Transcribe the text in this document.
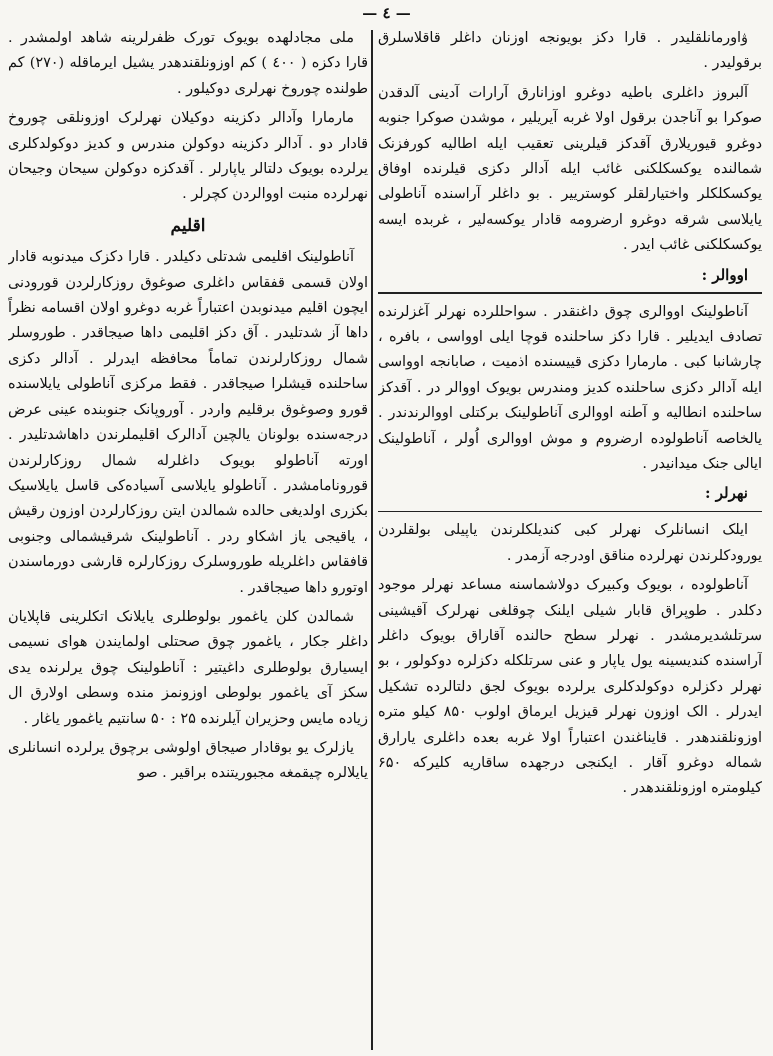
— ٤ —

ۋاورمانلقلیدر . قارا دکز بویونجه اوزنان داغلر قاقلاسلرق برقولیدر .

آلبروز داغلری باطیه دوغرو اوزانارق آرارات آدینی آلدقدن صوکرا بو آناجدن برقول اولا غربه آیریلیر ، موشدن صوکرا جنوبه دوغرو قیوریلارق آقدکز قیلرینی تعقیب ایله اطالیه کورفزنک شمالنده یوکسکلکنی غائب ایله آدالر دکزی قیلرنده اوفاق یوکسکلکلر واختیارلقلر کوسترییر . بو داغلر آراسنده آناطولی یایلاسی شرقه دوغرو ارضرومه قادار یوکسه‌لیر ، غربده ایسه یوکسکلکنی غائب ایدر .

اووالر :

آناطولینک اووالری چوق داغنقدر . سواحللرده نهرلر آغزلرنده تصادف ایدیلیر . قارا دکز ساحلنده قوچا ایلی اوواسی ، بافره ، چارشانبا کبی . مارمارا دکزی قییسنده اذمیت ، صابانجه اوواسی ایله آدالر دکزی ساحلنده کدیز ومندرس بویوک اووالر در . آقدکز ساحلنده انطالیه و آطنه اووالری آناطولینک برکتلی اووالرندندر . یالخاصه آناطولوده ارضروم و موش اووالری اُولر ، آناطولینک ایالی جنک میدانیدر .

نهرلر :

ایلک انسانلرک نهرلر کبی کندیلکلرندن یاپیلی بولقلردن یورودکلرندن نهرلرده مناقق اودرجه آزمدر .

آناطولوده ، بویوک وکبیرک دولاشماسنه مساعد نهرلر موجود دکلدر . طوپراق قابار شیلی ایلنک چوقلغی نهرلرک آقیشینی سرتلشدیرمشدر . نهرلر سطح حالنده آقاراق بویوک داغلر آراسنده کندیسینه یول یاپار و عنی سرتلکله دکزلره دوکولور ، بو نهرلر دکزلره دوکولدکلری یرلرده بویوک لجق دلتالرده تشکیل ایدرلر . الک اوزون نهرلر قیزیل ایرماق اولوب ۸۵۰ کیلو متره اوزونلقندهدر . قایناغندن اعتباراً اولا غربه بعده داغلری یارارق شماله دوغرو آقار . ایکنجی درجهده ساقاریه کلیرکه ۶۵۰ کیلومتره اوزونلقندهدر .

ملی مجادلهده بویوک تورک ظفرلرینه شاهد اولمشدر . قارا دکزه ( ٤۰۰ ) کم اوزونلقندهدر یشیل ایرماقله (۲۷۰) کم طولنده چوروخ نهرلری دوکیلور .

مارمارا وآدالر دکزینه دوکیلان نهرلرک اوزونلقی چوروخ قادار دو . آدالر دکزینه دوکولن مندرس و کدیز دوکولدکلری یرلرده بویوک دلتالر یاپارلر . آقدکزه دوکولن سیحان وجیحان نهرلرده منبت اووالردن کچرلر .

اقلیم

آناطولینک اقلیمی شدتلی دکیلدر . قارا دکزک میدنوبه قادار اولان قسمی قفقاس داغلری صوغوق روزکارلردن قورودنی ایچون اقلیم میدنوبدن اعتباراً غربه دوغرو اولان اقسامه نظراً داها آز شدتلیدر . آق دکز اقلیمی داها صیجاقدر . طورو‌سلر شمال روزکارلرندن تماماً محافظه ایدرلر . آدالر دکزی ساحلنده قیشلرا صیجاقدر . فقط مرکزی آناطولی یایلاسنده قورو وصوغوق برقلیم واردر . آوروپانک جنوبنده عینی عرض درجه‌سنده بولونان یالچین آدالرک اقلیملرندن داهاشدتلیدر . اورته آناطولو بویوک داغلرله شمال روزکارلرندن قورونامامشدر . آناطولو یایلاسی آسیاده‌کی قاسل یایلاسیک بکزری اولدیغی حالده شمالدن ایتن روزکارلردن اوزون رقیش ، یاقیجی یاز اشکاو ردر . آناطولینک شرقیشمالی وجنوبی قافقاس داغلریله طورو‌سلرک روزکارلره قارشی دورماسندن اوتورو داها صیجاقدر .

شمالدن کلن یاغمور بولوطلری یایلانک اتکلرینی قاپلایان داغلر جکار ، یاغمور چوق صحتلی اولمایندن هوای نسیمی ایسیارق بولوطلری داغیتیر : آناطولینک چوق یرلرنده یدی سکز آی یاغمور بولوطی اوزونمز منده وسطی اولارق ال زیاده مایس وحزیران آیلرنده ۲۵ : ۵۰ سانتیم یاغمور یاغار .

یازلرک یو بوقادار صیجاق اولوشی برچوق یرلرده انسانلری یایلالره چیقمغه مجبوریتنده براقیر . صو
